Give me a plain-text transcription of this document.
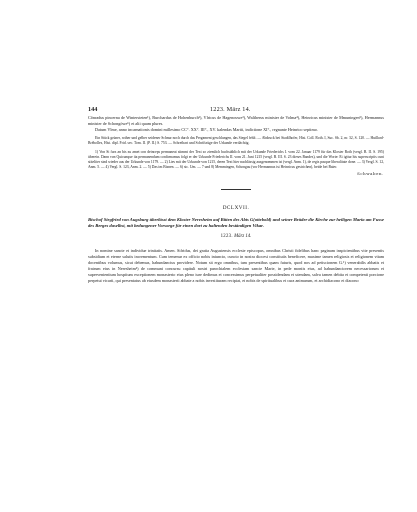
144	1223. März 14.

Cônradus pincerna de Wintersteten¹), Burchardus de Hohenburch²), Vlricus de Hagenouwe³), Waltherus minister de Volma⁴), Heinricus minister de Mmuningen⁵), Hermannus minister de Schongöwe⁶) et alii quam plures.

Datum Vlme, anno incarnationis domini millesimo CC°. XX°. III°., XV. kalendas Martii, indictione XI°., regnante Heinrico septimo.

Ein Stück grüner, rother und gelber seidener Schnur noch durch das Pergament geschlungen, das Siegel fehlt. — Abdruck bei Stadtlhofer, Hist. Coll. Roth. I, Suc. Sb. 2, nr. 32, S. 120. — Huillard-Bréholles, Hist. dipl. Frid. sec. Tom. II. (P. II.) S. 753. — Schreibart und Schriftzüge der Urkunde verdächtig.

1) Von Si furs an bis zu amet con deinceps permaneat stimmt der Text so ziemlich buchstäblich mit der Urkunde Friederichs I. vom 22. Januar 1179 für das Kloster Roth (vergl. B. II. S. 195) überein. Dann von Quicunque ita permanendum confirmamus folgt er der Urkunde Friederichs II. vom 21. Juni 1215 (vergl. B. III. S. 23 dieses Bandes), und die Worte: Et igitur his superscriptis cuni stiteliter sind wieder aus der Urkunde von 1179. — 2) Lies mit der Urkunde von 1215, deren Text hier nachlässig ausgenommen ist (vergl. Anm. 1), de regis pasque liberalitate done. — 3) Vergl. S. 12, Anm. 5. — 4) Vergl. S. 123, Anm. 2. — 5) Das im Bisnen. — 6) stc. Um. — 7 und 8) Memmingen, Schongau (vor Hermannus ist Heinricus gestrichen), beide bei Baier.

Schwaben.
DCLXVII.

Bischof Siegfried von Augsburg überlässt dem Kloster Neresheim auf Bitten des Abts G(ottebold) und seiner Brüder die Kirche zur heiligen Maria am Fusse des Berges daselbst, mit bedungener Vorsorge für einen dort zu haltenden beständigen Vikar.

1223. März 14.

In nomine sancte et individue trinitatis. Amen. Sifridus, dei gratia Augustensis ecclesie episcopus, omnibus Christi fidelibus hanc paginam inspicientibus vite presentis subsidium et eterne salutis incrementum. Cum temenur ex officio nobis iniuncto, cuncto in nostra diocesi constitutis beneficere, maxime tamen religiosis et religionem vitam docentibus volumus, sicut debemus, habundancius providere. Notum sit ergo omnibus, tam presentibus quam futuris, quod nos ad petiscionem G.¹) venerabilis abbatis et fratrum eius in Neresheim²) de communi concursu capituli nostri parochialem ecclesiam sancte Marie, in pede montis eius, ad habundanciorem necessariorum et supervenientium hospitum exceptionem monasterio eius pleno iure dedimus et concessimus perpetualiter possidendam et utendam, salva tamen debita et competenti porcione perpetui vicarii, qui presentatus ab eiusdem monasterii abbate a nobis investituram recipiat, et nobis de spiritualibus et cura animarum, et archidiacono et diacono
